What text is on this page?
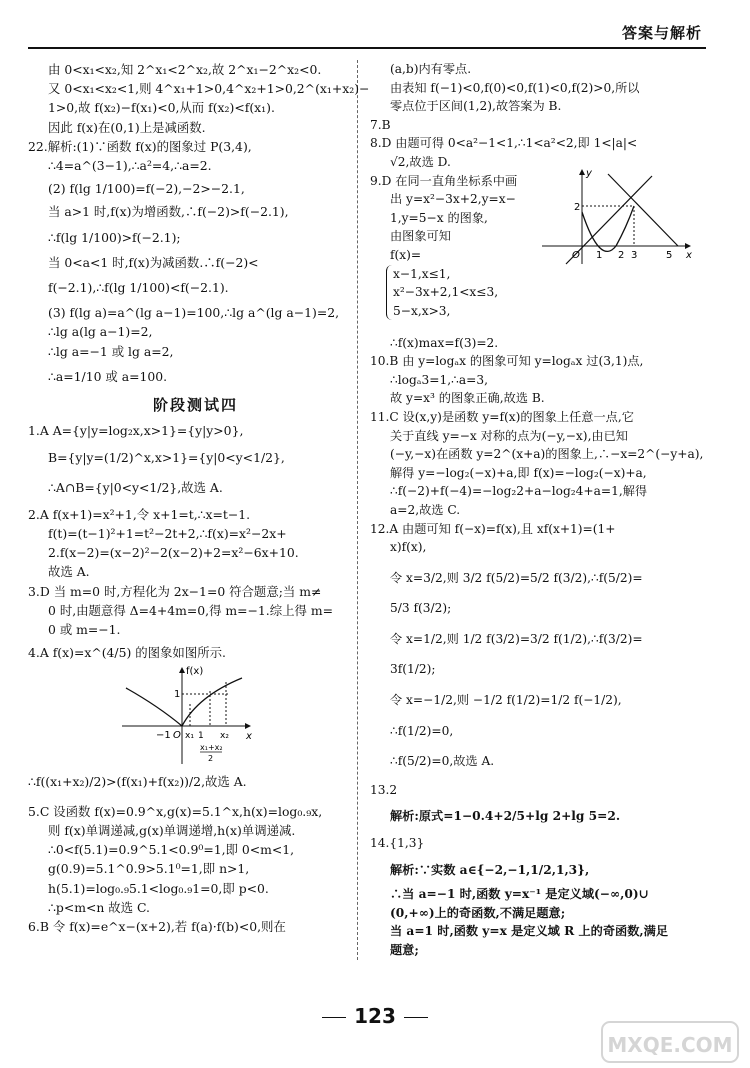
答案与解析
由 0<x₁<x₂,知 2^x₁<2^x₂,故 2^x₁−2^x₂<0.
又 0<x₁<x₂<1,则 4^x₁+1>0,4^x₂+1>0,2^(x₁+x₂)−
1>0,故 f(x₂)−f(x₁)<0,从而 f(x₂)<f(x₁).
因此 f(x)在(0,1)上是减函数.
22.解析:(1)∵函数 f(x)的图象过 P(3,4),
∴4=a^(3−1),∴a²=4,∴a=2.
(2) f(lg 1/100)=f(−2),−2>−2.1,
当 a>1 时,f(x)为增函数,∴f(−2)>f(−2.1),
∴f(lg 1/100)>f(−2.1);
当 0<a<1 时,f(x)为减函数.∴f(−2)<
f(−2.1),∴f(lg 1/100)<f(−2.1).
(3) f(lg a)=a^(lg a−1)=100,∴lg a^(lg a−1)=2,
∴lg a(lg a−1)=2,
∴lg a=−1 或 lg a=2,
∴a=1/10 或 a=100.
阶段测试四
1.A A={y|y=log₂x,x>1}={y|y>0},
B={y|y=(1/2)^x,x>1}={y|0<y<1/2},
∴A∩B={y|0<y<1/2},故选 A.
2.A f(x+1)=x²+1,令 x+1=t,∴x=t−1.
f(t)=(t−1)²+1=t²−2t+2,∴f(x)=x²−2x+
2.f(x−2)=(x−2)²−2(x−2)+2=x²−6x+10.
故选 A.
3.D 当 m=0 时,方程化为 2x−1=0 符合题意;当 m≠
0 时,由题意得 Δ=4+4m=0,得 m=−1.综上得 m=
0 或 m=−1.
4.A f(x)=x^(4/5) 的图象如图所示.
f(x)
x
1
−1 O x₁ 1 x₂
x₁+x₂
2
∴f((x₁+x₂)/2)>(f(x₁)+f(x₂))/2,故选 A.
5.C 设函数 f(x)=0.9^x,g(x)=5.1^x,h(x)=log₀.₉x,
则 f(x)单调递减,g(x)单调递增,h(x)单调递减.
∴0<f(5.1)=0.9^5.1<0.9⁰=1,即 0<m<1,
g(0.9)=5.1^0.9>5.1⁰=1,即 n>1,
h(5.1)=log₀.₉5.1<log₀.₉1=0,即 p<0.
∴p<m<n 故选 C.
6.B 令 f(x)=e^x−(x+2),若 f(a)·f(b)<0,则在
(a,b)内有零点.
由表知 f(−1)<0,f(0)<0,f(1)<0,f(2)>0,所以
零点位于区间(1,2),故答案为 B.
7.B
8.D 由题可得 0<a²−1<1,∴1<a²<2,即 1<|a|<
√2,故选 D.
9.D 在同一直角坐标系中画
出 y=x²−3x+2,y=x−
1,y=5−x 的图象,
由图象可知
f(x)=
x−1,x≤1,
x²−3x+2,1<x≤3,
5−x,x>3,
y
x
O
2
1 2 3	5
∴f(x)max=f(3)=2.
10.B 由 y=logₐx 的图象可知 y=logₐx 过(3,1)点,
∴logₐ3=1,∴a=3,
故 y=x³ 的图象正确,故选 B.
11.C 设(x,y)是函数 y=f(x)的图象上任意一点,它
关于直线 y=−x 对称的点为(−y,−x),由已知
(−y,−x)在函数 y=2^(x+a)的图象上,∴−x=2^(−y+a),
解得 y=−log₂(−x)+a,即 f(x)=−log₂(−x)+a,
∴f(−2)+f(−4)=−log₂2+a−log₂4+a=1,解得
a=2,故选 C.
12.A 由题可知 f(−x)=f(x),且 xf(x+1)=(1+
x)f(x),
令 x=3/2,则 3/2 f(5/2)=5/2 f(3/2),∴f(5/2)=
5/3 f(3/2);
令 x=1/2,则 1/2 f(3/2)=3/2 f(1/2),∴f(3/2)=
3f(1/2);
令 x=−1/2,则 −1/2 f(1/2)=1/2 f(−1/2),
∴f(1/2)=0,
∴f(5/2)=0,故选 A.
13.2
解析:原式=1−0.4+2/5+lg 2+lg 5=2.
14.{1,3}
解析:∵实数 a∈{−2,−1,1/2,1,3},
∴当 a=−1 时,函数 y=x⁻¹ 是定义域(−∞,0)∪
(0,+∞)上的奇函数,不满足题意;
当 a=1 时,函数 y=x 是定义域 R 上的奇函数,满足
题意;
123
MXQE.COM
